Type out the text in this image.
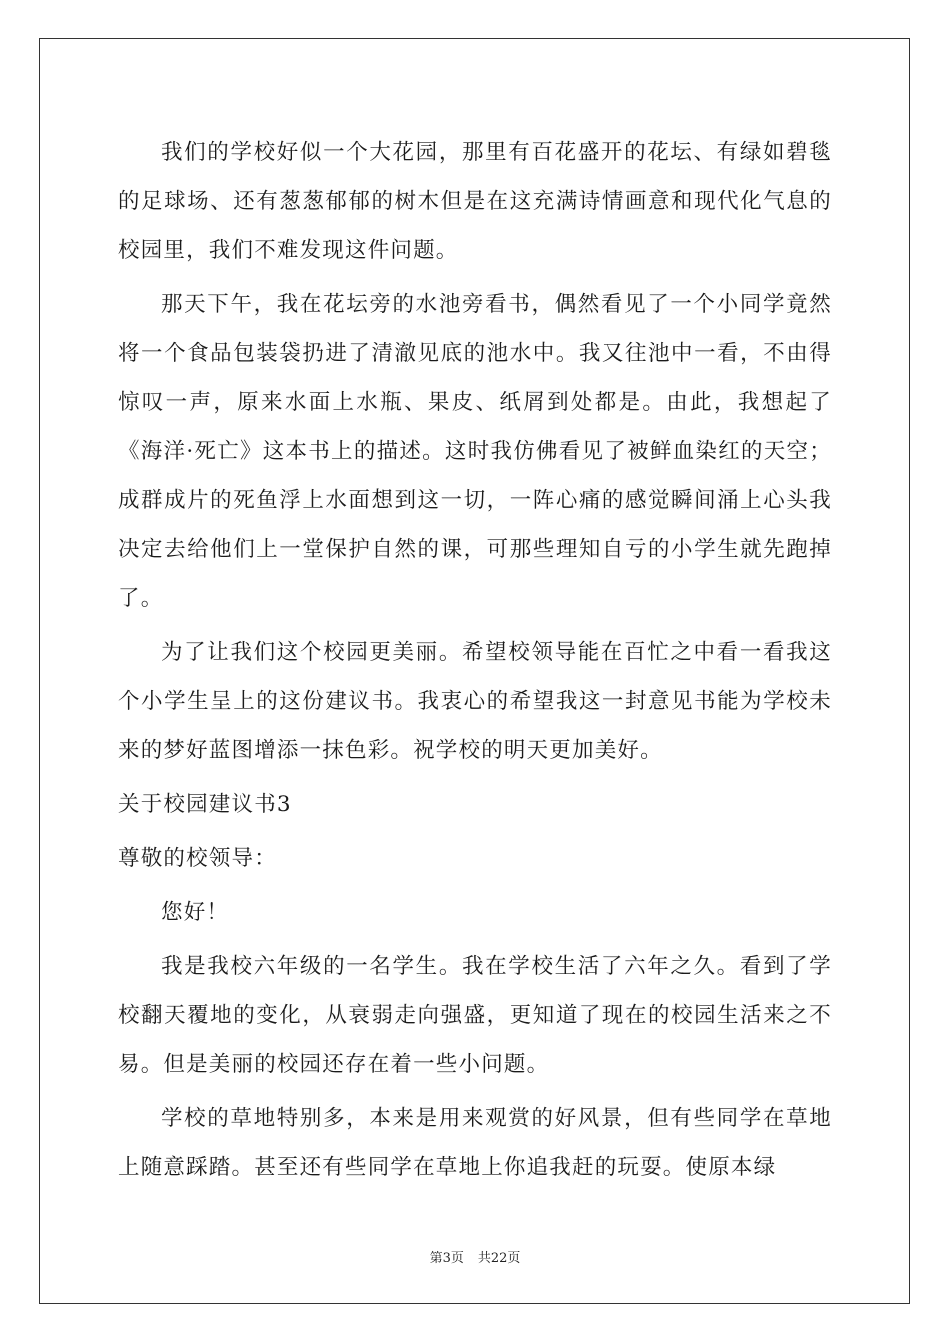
我们的学校好似一个大花园，那里有百花盛开的花坛、有绿如碧毯的足球场、还有葱葱郁郁的树木但是在这充满诗情画意和现代化气息的校园里，我们不难发现这件问题。

那天下午，我在花坛旁的水池旁看书，偶然看见了一个小同学竟然将一个食品包装袋扔进了清澈见底的池水中。我又往池中一看，不由得惊叹一声，原来水面上水瓶、果皮、纸屑到处都是。由此，我想起了《海洋·死亡》这本书上的描述。这时我仿佛看见了被鲜血染红的天空；成群成片的死鱼浮上水面想到这一切，一阵心痛的感觉瞬间涌上心头我决定去给他们上一堂保护自然的课，可那些理知自亏的小学生就先跑掉了。

为了让我们这个校园更美丽。希望校领导能在百忙之中看一看我这个小学生呈上的这份建议书。我衷心的希望我这一封意见书能为学校未来的梦好蓝图增添一抹色彩。祝学校的明天更加美好。

关于校园建议书3

尊敬的校领导：

您好！

我是我校六年级的一名学生。我在学校生活了六年之久。看到了学校翻天覆地的变化，从衰弱走向强盛，更知道了现在的校园生活来之不易。但是美丽的校园还存在着一些小问题。

学校的草地特别多，本来是用来观赏的好风景，但有些同学在草地上随意踩踏。甚至还有些同学在草地上你追我赶的玩耍。使原本绿

第3页 共22页
